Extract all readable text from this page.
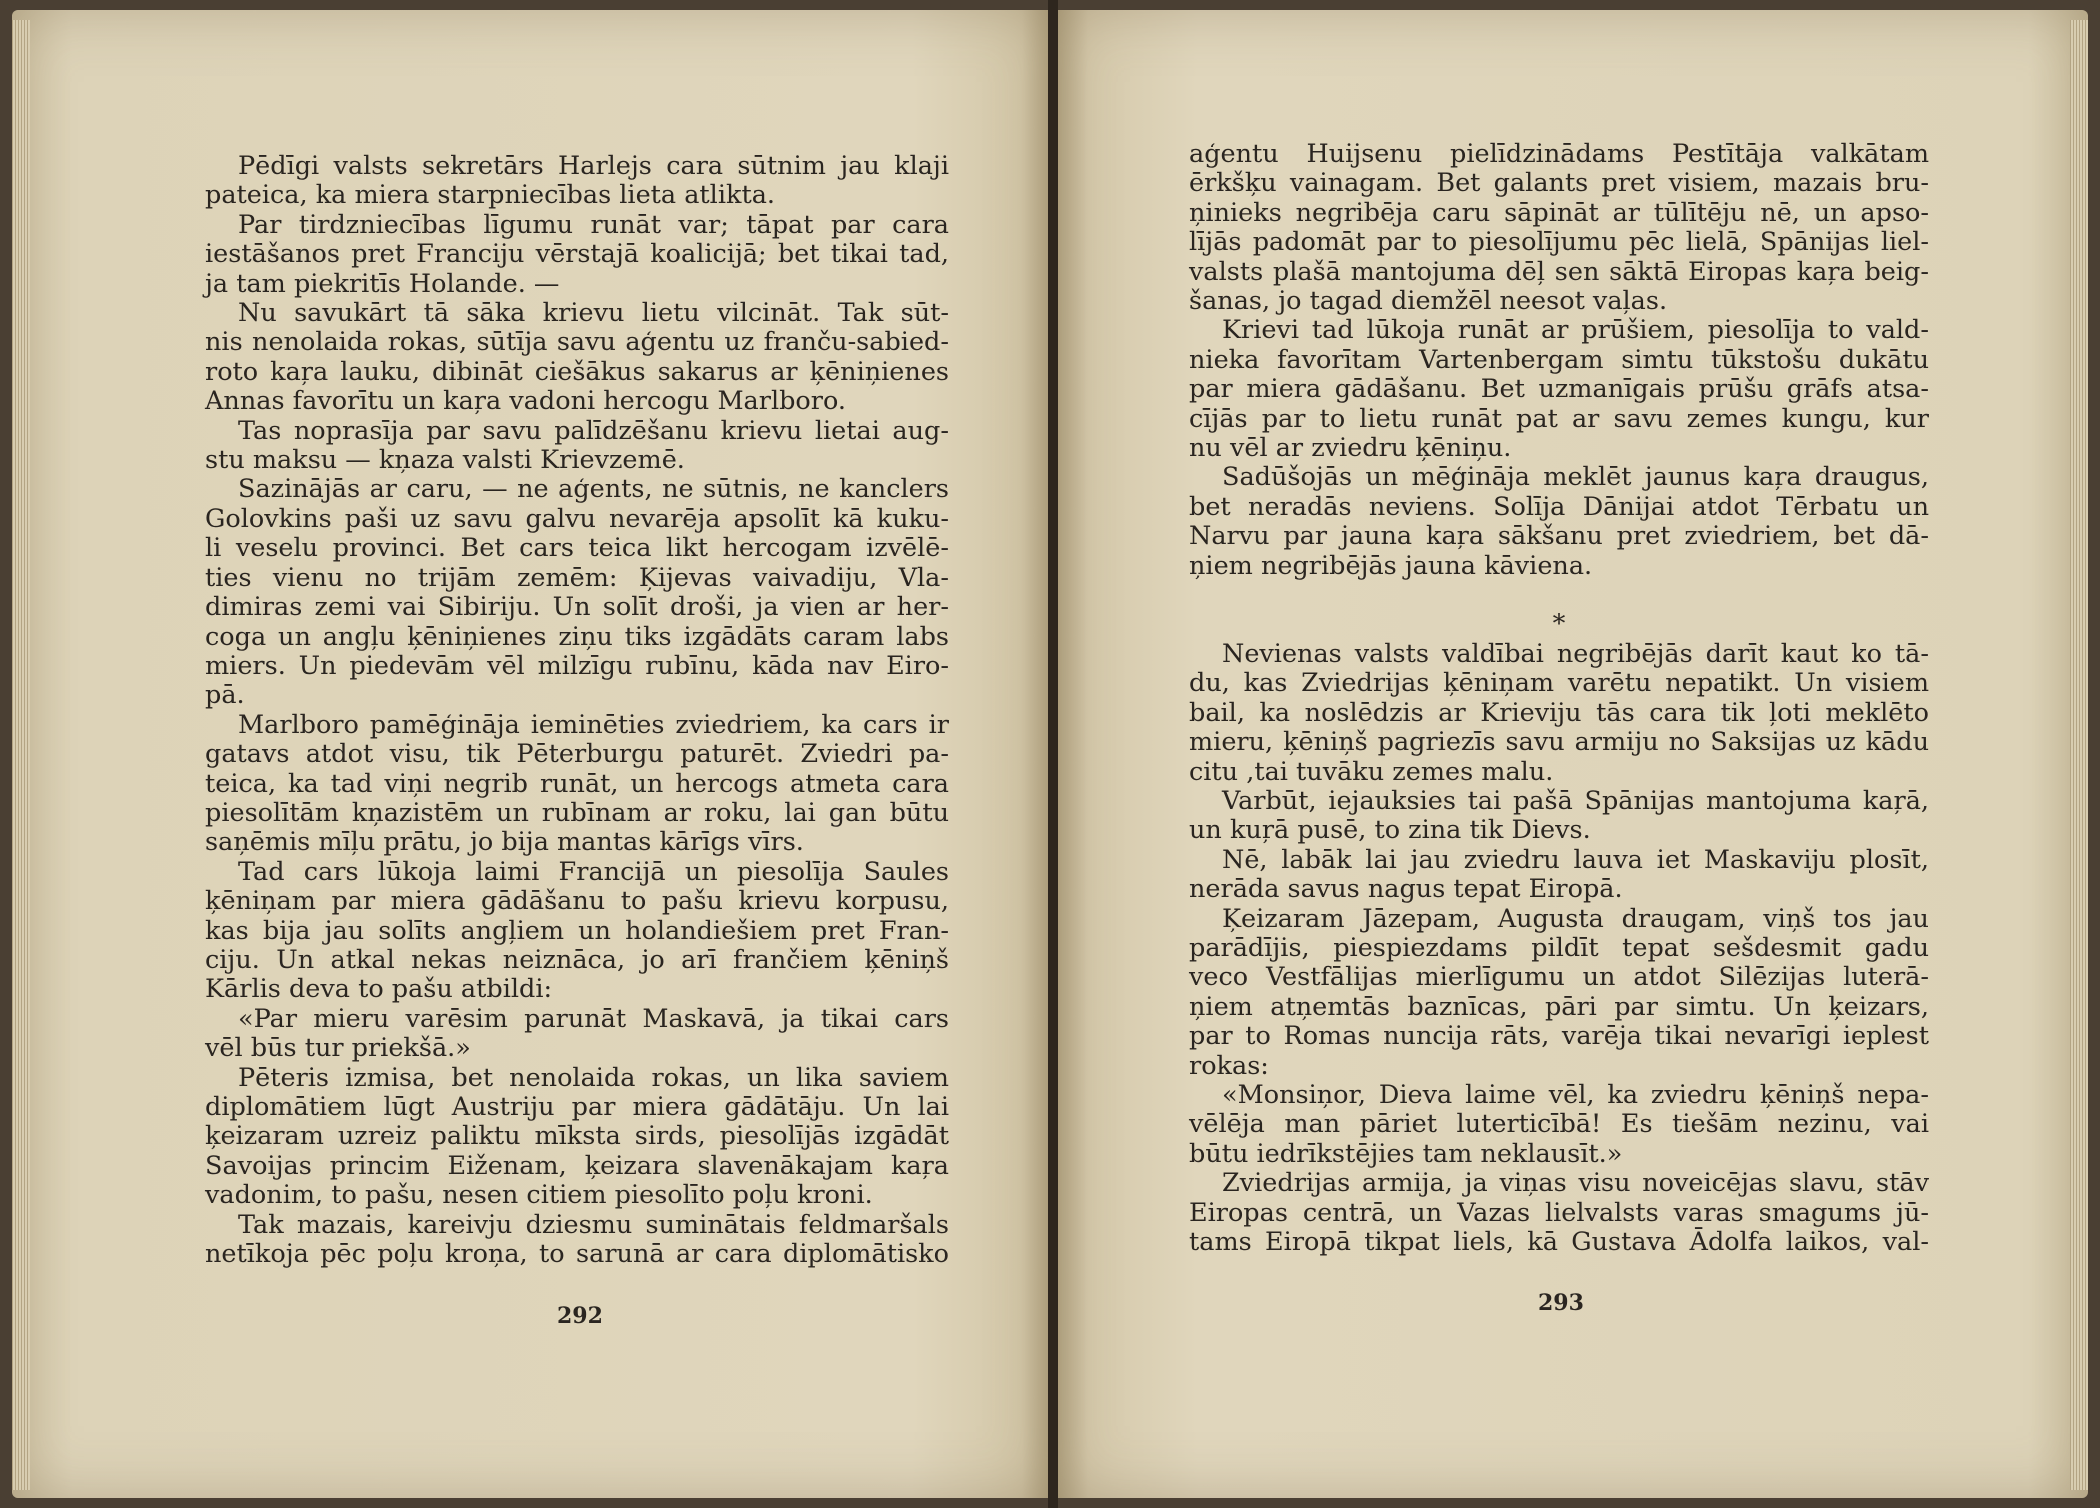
Pēdīgi valsts sekretārs Harlejs cara sūtnim jau klaji
pateica, ka miera starpniecības lieta atlikta.
Par tirdzniecības līgumu runāt var; tāpat par cara
iestāšanos pret Franciju vērstajā koalicijā; bet tikai tad,
ja tam piekritīs Holande. —
Nu savukārt tā sāka krievu lietu vilcināt. Tak sūt-
nis nenolaida rokas, sūtīja savu aģentu uz franču-sabied-
roto kaŗa lauku, dibināt ciešākus sakarus ar ķēniņienes
Annas favorītu un kaŗa vadoni hercogu Marlboro.
Tas noprasīja par savu palīdzēšanu krievu lietai aug-
stu maksu — kņaza valsti Krievzemē.
Sazinājās ar caru, — ne aģents, ne sūtnis, ne kanclers
Golovkins paši uz savu galvu nevarēja apsolīt kā kuku-
li veselu provinci. Bet cars teica likt hercogam izvēlē-
ties vienu no trijām zemēm: Ķijevas vaivadiju, Vla-
dimiras zemi vai Sibiriju. Un solīt droši, ja vien ar her-
coga un angļu ķēniņienes ziņu tiks izgādāts caram labs
miers. Un piedevām vēl milzīgu rubīnu, kāda nav Eiro-
pā.
Marlboro pamēģināja ieminēties zviedriem, ka cars ir
gatavs atdot visu, tik Pēterburgu paturēt. Zviedri pa-
teica, ka tad viņi negrib runāt, un hercogs atmeta cara
piesolītām kņazistēm un rubīnam ar roku, lai gan būtu
saņēmis mīļu prātu, jo bija mantas kārīgs vīrs.
Tad cars lūkoja laimi Francijā un piesolīja Saules
ķēniņam par miera gādāšanu to pašu krievu korpusu,
kas bija jau solīts angļiem un holandiešiem pret Fran-
ciju. Un atkal nekas neiznāca, jo arī frančiem ķēniņš
Kārlis deva to pašu atbildi:
«Par mieru varēsim parunāt Maskavā, ja tikai cars
vēl būs tur priekšā.»
Pēteris izmisa, bet nenolaida rokas, un lika saviem
diplomātiem lūgt Austriju par miera gādātāju. Un lai
ķeizaram uzreiz paliktu mīksta sirds, piesolījās izgādāt
Savoijas princim Eiženam, ķeizara slavenākajam kaŗa
vadonim, to pašu, nesen citiem piesolīto poļu kroni.
Tak mazais, kareivju dziesmu suminātais feldmaršals
netīkoja pēc poļu kroņa, to sarunā ar cara diplomātisko
292
aģentu Huijsenu pielīdzinādams Pestītāja valkātam
ērkšķu vainagam. Bet galants pret visiem, mazais bru-
ņinieks negribēja caru sāpināt ar tūlītēju nē, un apso-
lījās padomāt par to piesolījumu pēc lielā, Spānijas liel-
valsts plašā mantojuma dēļ sen sāktā Eiropas kaŗa beig-
šanas, jo tagad diemžēl neesot vaļas.
Krievi tad lūkoja runāt ar prūšiem, piesolīja to vald-
nieka favorītam Vartenbergam simtu tūkstošu dukātu
par miera gādāšanu. Bet uzmanīgais prūšu grāfs atsa-
cījās par to lietu runāt pat ar savu zemes kungu, kur
nu vēl ar zviedru ķēniņu.
Sadūšojās un mēģināja meklēt jaunus kaŗa draugus,
bet neradās neviens. Solīja Dānijai atdot Tērbatu un
Narvu par jauna kaŗa sākšanu pret zviedriem, bet dā-
ņiem negribējās jauna kāviena.
*
Nevienas valsts valdībai negribējās darīt kaut ko tā-
du, kas Zviedrijas ķēniņam varētu nepatikt. Un visiem
bail, ka noslēdzis ar Krieviju tās cara tik ļoti meklēto
mieru, ķēniņš pagriezīs savu armiju no Saksijas uz kādu
citu ,tai tuvāku zemes malu.
Varbūt, iejauksies tai pašā Spānijas mantojuma kaŗā,
un kuŗā pusē, to zina tik Dievs.
Nē, labāk lai jau zviedru lauva iet Maskaviju plosīt,
nerāda savus nagus tepat Eiropā.
Ķeizaram Jāzepam, Augusta draugam, viņš tos jau
parādījis, piespiezdams pildīt tepat sešdesmit gadu
veco Vestfālijas mierlīgumu un atdot Silēzijas luterā-
ņiem atņemtās baznīcas, pāri par simtu. Un ķeizars,
par to Romas nuncija rāts, varēja tikai nevarīgi ieplest
rokas:
«Monsiņor, Dieva laime vēl, ka zviedru ķēniņš nepa-
vēlēja man pāriet luterticībā! Es tiešām nezinu, vai
būtu iedrīkstējies tam neklausīt.»
Zviedrijas armija, ja viņas visu noveicējas slavu, stāv
Eiropas centrā, un Vazas lielvalsts varas smagums jū-
tams Eiropā tikpat liels, kā Gustava Ādolfa laikos, val-
293
